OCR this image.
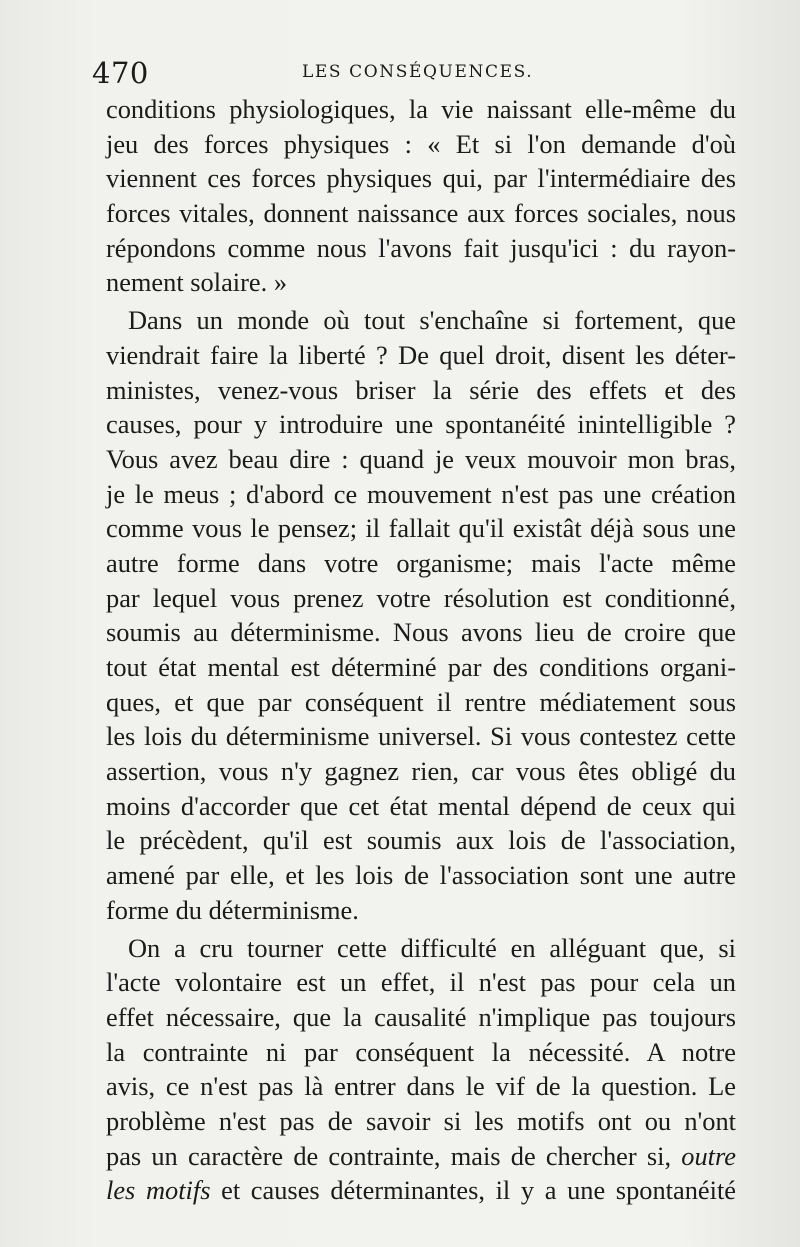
470	LES CONSÉQUENCES.
conditions physiologiques, la vie naissant elle-même du
jeu des forces physiques : « Et si l'on demande d'où
viennent ces forces physiques qui, par l'intermédiaire des
forces vitales, donnent naissance aux forces sociales, nous
répondons comme nous l'avons fait jusqu'ici : du rayon-
nement solaire. »
Dans un monde où tout s'enchaîne si fortement, que
viendrait faire la liberté ? De quel droit, disent les déter-
ministes, venez-vous briser la série des effets et des
causes, pour y introduire une spontanéité inintelligible ?
Vous avez beau dire : quand je veux mouvoir mon bras,
je le meus ; d'abord ce mouvement n'est pas une création
comme vous le pensez; il fallait qu'il existât déjà sous une
autre forme dans votre organisme; mais l'acte même
par lequel vous prenez votre résolution est conditionné,
soumis au déterminisme. Nous avons lieu de croire que
tout état mental est déterminé par des conditions organi-
ques, et que par conséquent il rentre médiatement sous
les lois du déterminisme universel. Si vous contestez cette
assertion, vous n'y gagnez rien, car vous êtes obligé du
moins d'accorder que cet état mental dépend de ceux qui
le précèdent, qu'il est soumis aux lois de l'association,
amené par elle, et les lois de l'association sont une autre
forme du déterminisme.
On a cru tourner cette difficulté en alléguant que, si
l'acte volontaire est un effet, il n'est pas pour cela un
effet nécessaire, que la causalité n'implique pas toujours
la contrainte ni par conséquent la nécessité. A notre
avis, ce n'est pas là entrer dans le vif de la question. Le
problème n'est pas de savoir si les motifs ont ou n'ont
pas un caractère de contrainte, mais de chercher si, outre
les motifs et causes déterminantes, il y a une spontanéité
